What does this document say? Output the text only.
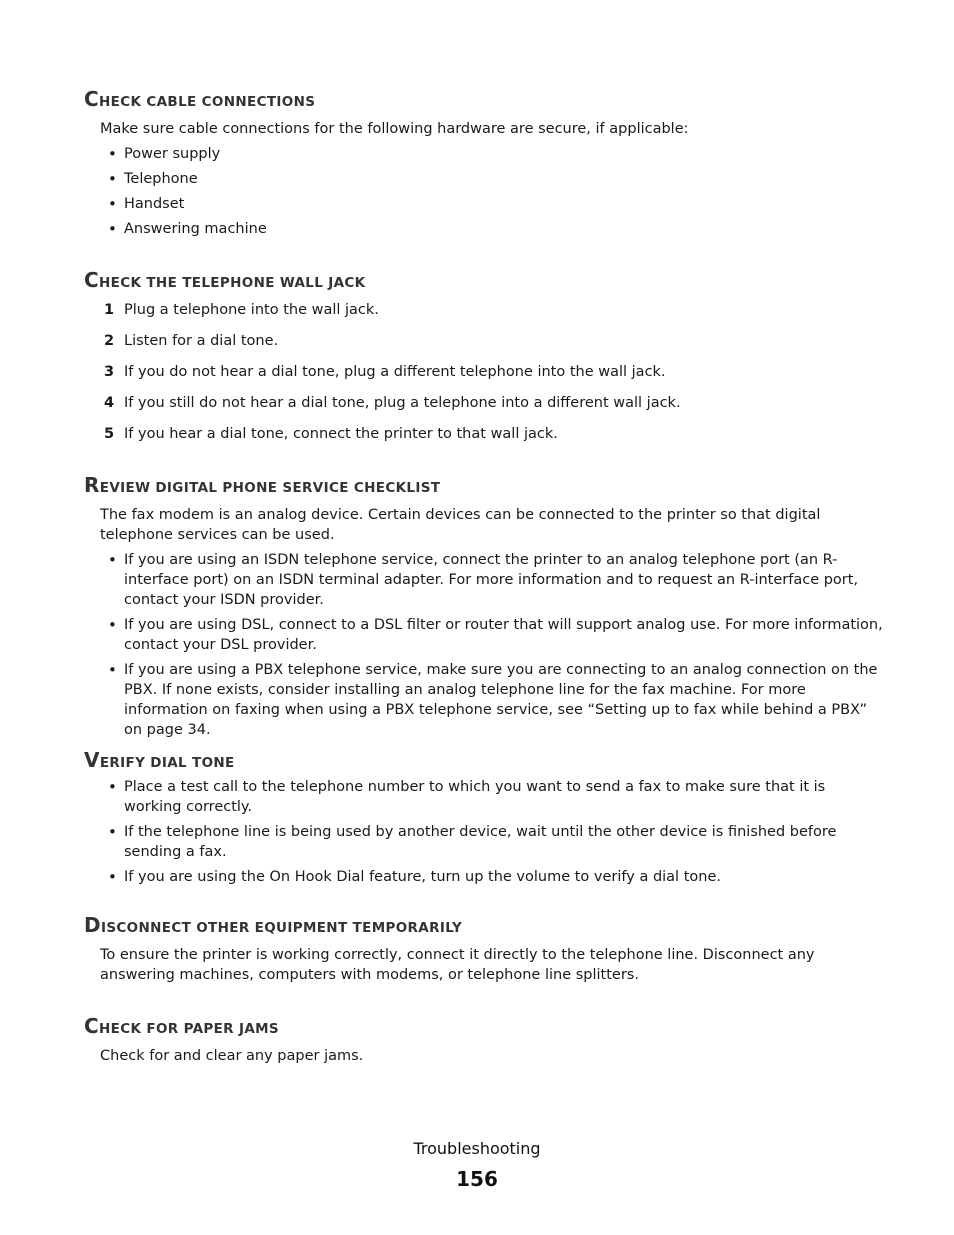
CHECK CABLE CONNECTIONS

Make sure cable connections for the following hardware are secure, if applicable:

• Power supply
• Telephone
• Handset
• Answering machine
CHECK THE TELEPHONE WALL JACK
1 Plug a telephone into the wall jack.
2 Listen for a dial tone.
3 If you do not hear a dial tone, plug a different telephone into the wall jack.
4 If you still do not hear a dial tone, plug a telephone into a different wall jack.
5 If you hear a dial tone, connect the printer to that wall jack.
REVIEW DIGITAL PHONE SERVICE CHECKLIST

The fax modem is an analog device. Certain devices can be connected to the printer so that digital telephone services can be used.

• If you are using an ISDN telephone service, connect the printer to an analog telephone port (an R-interface port) on an ISDN terminal adapter. For more information and to request an R-interface port, contact your ISDN provider.
• If you are using DSL, connect to a DSL filter or router that will support analog use. For more information, contact your DSL provider.
• If you are using a PBX telephone service, make sure you are connecting to an analog connection on the PBX. If none exists, consider installing an analog telephone line for the fax machine. For more information on faxing when using a PBX telephone service, see “Setting up to fax while behind a PBX” on page 34.
VERIFY DIAL TONE
• Place a test call to the telephone number to which you want to send a fax to make sure that it is working correctly.
• If the telephone line is being used by another device, wait until the other device is finished before sending a fax.
• If you are using the On Hook Dial feature, turn up the volume to verify a dial tone.
DISCONNECT OTHER EQUIPMENT TEMPORARILY

To ensure the printer is working correctly, connect it directly to the telephone line. Disconnect any answering machines, computers with modems, or telephone line splitters.

CHECK FOR PAPER JAMS

Check for and clear any paper jams.

Troubleshooting
156
